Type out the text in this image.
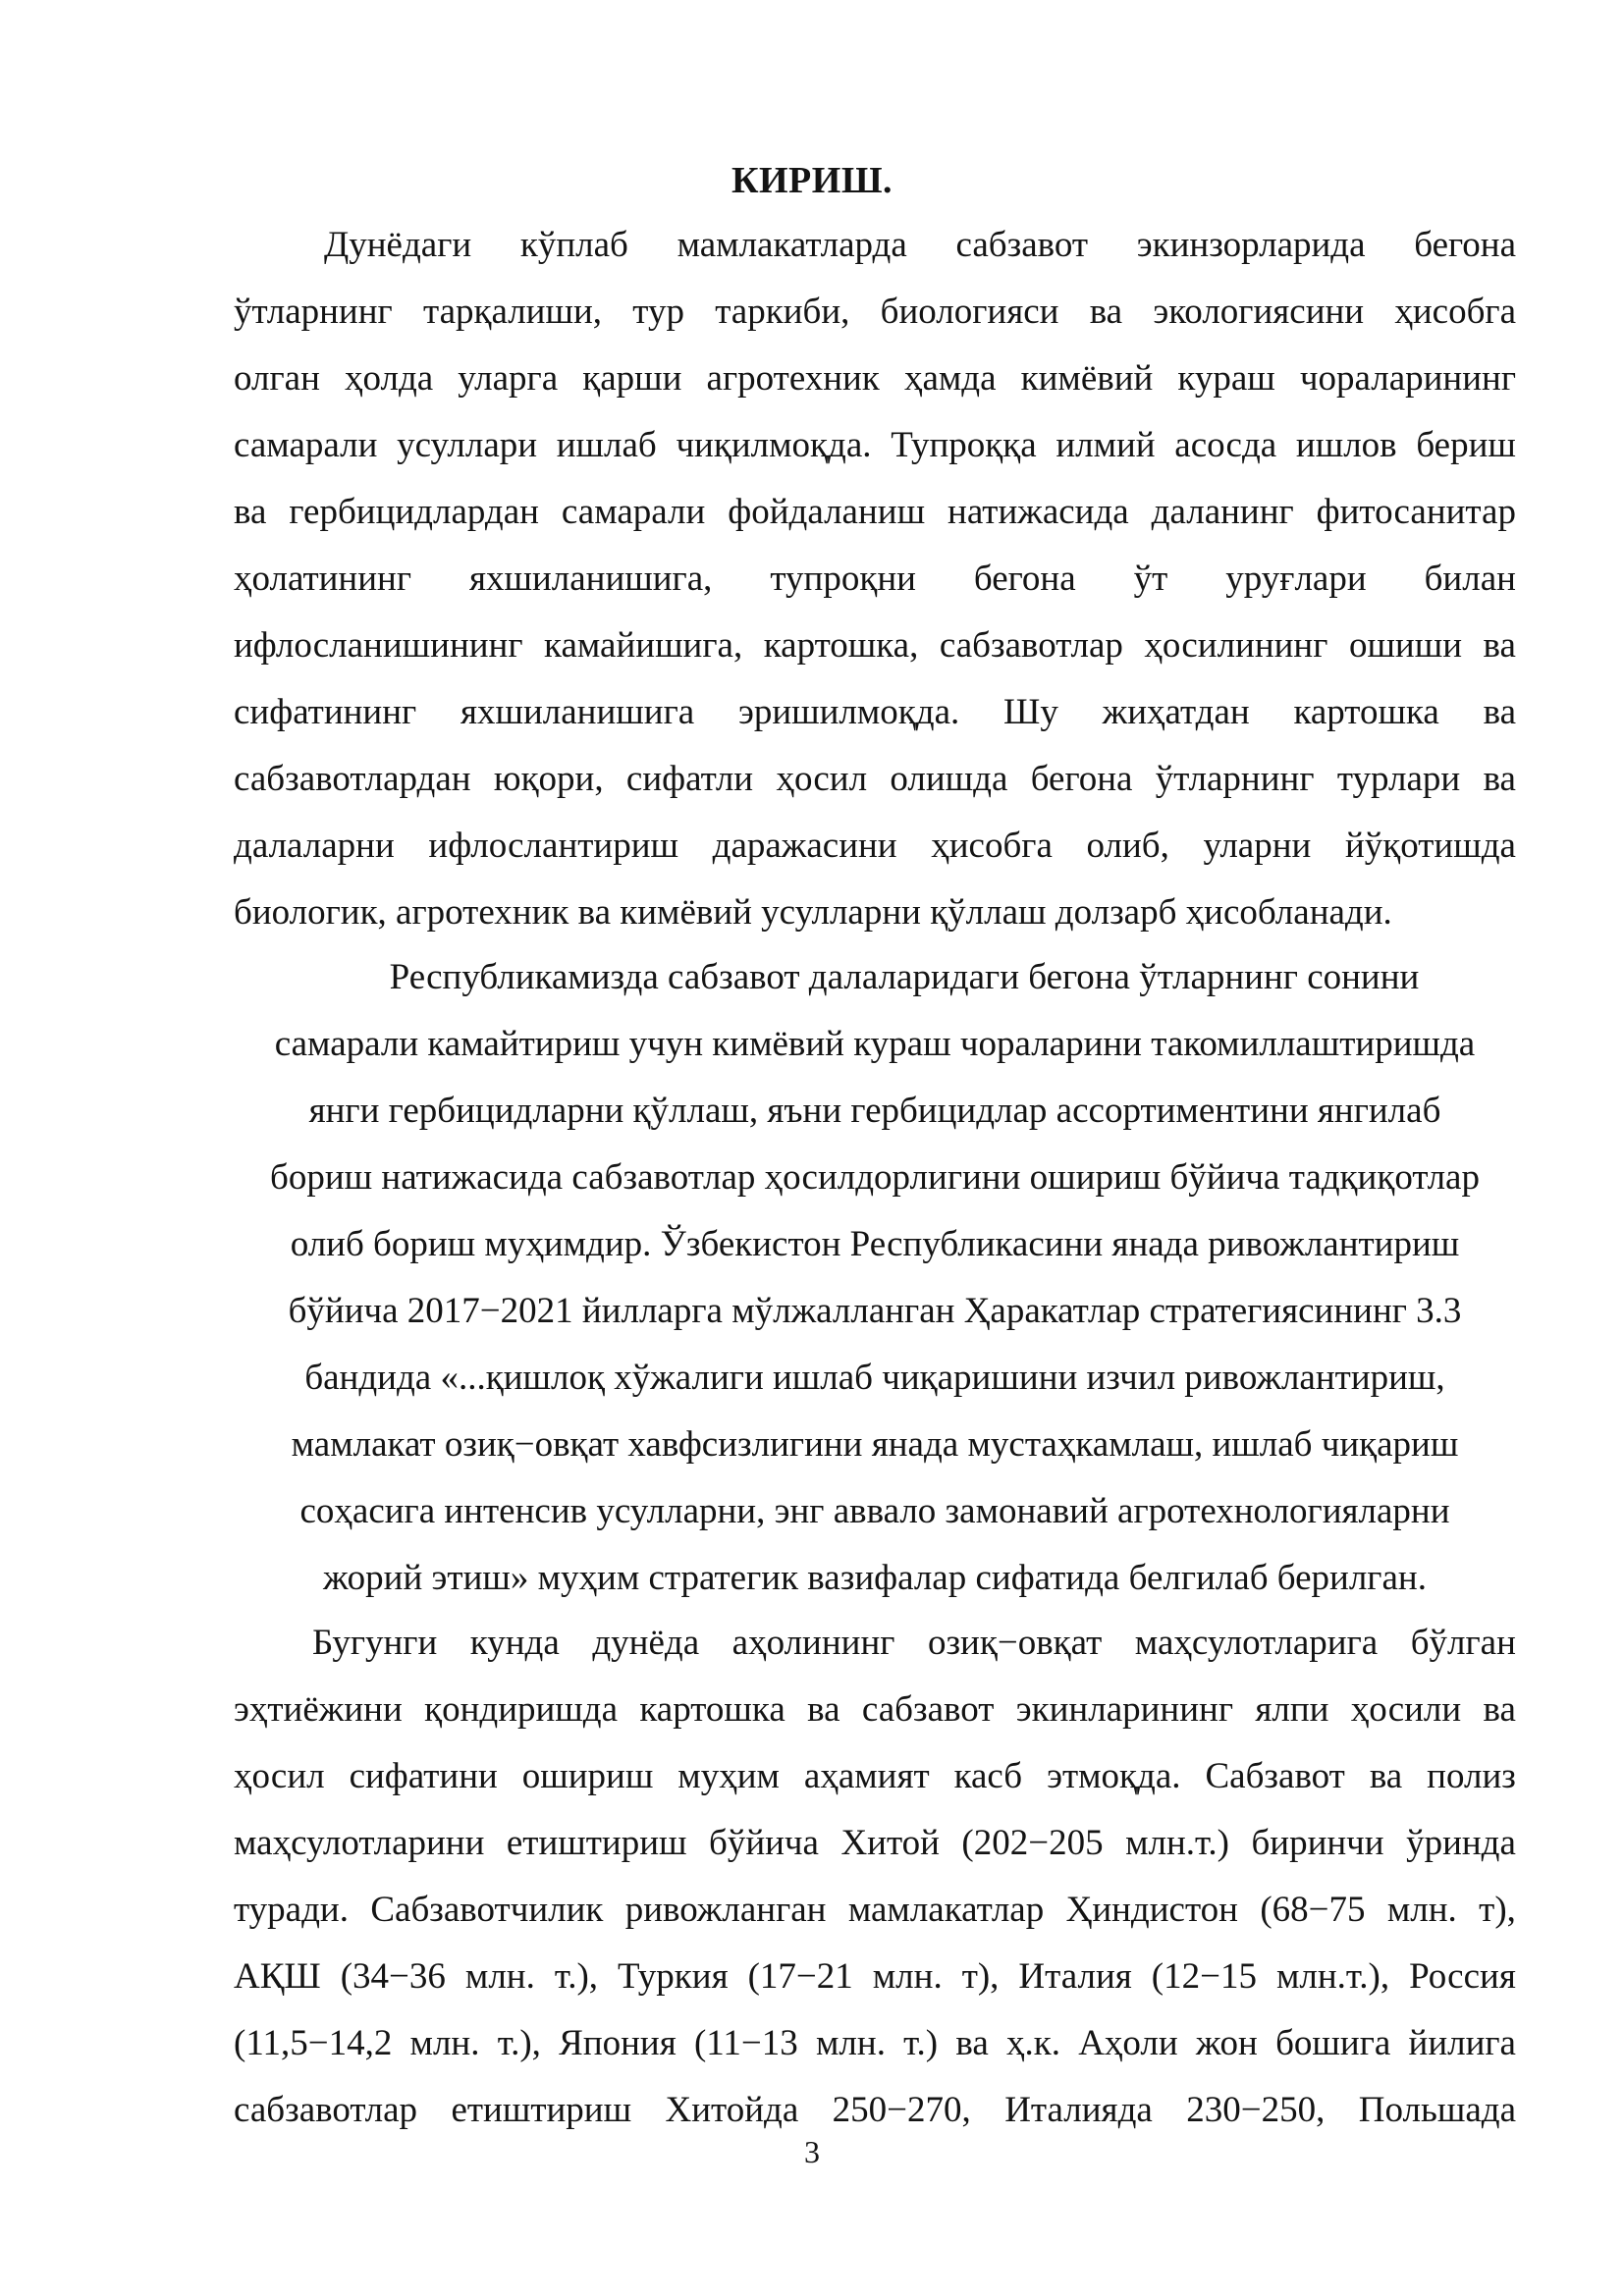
КИРИШ.
Дунёдаги кўплаб мамлакатларда сабзавот экинзорларида бегона
ўтларнинг тарқалиши, тур таркиби, биологияси ва экологиясини ҳисобга
олган ҳолда уларга қарши агротехник ҳамда кимёвий кураш чораларининг
самарали усуллари ишлаб чиқилмоқда. Тупроққа илмий асосда ишлов бериш
ва гербицидлардан самарали фойдаланиш натижасида даланинг фитосанитар
ҳолатининг яхшиланишига, тупроқни бегона ўт уруғлари билан
ифлосланишининг камайишига, картошка, сабзавотлар ҳосилининг ошиши ва
сифатининг яхшиланишига эришилмоқда. Шу жиҳатдан картошка ва
сабзавотлардан юқори, сифатли ҳосил олишда бегона ўтларнинг турлари ва
далаларни ифлослантириш даражасини ҳисобга олиб, уларни йўқотишда
биологик, агротехник ва кимёвий усулларни қўллаш долзарб ҳисобланади.
Республикамизда сабзавот далаларидаги бегона ўтларнинг сонини
самарали камайтириш учун кимёвий кураш чораларини такомиллаштиришда
янги гербицидларни қўллаш, яъни гербицидлар ассортиментини янгилаб
бориш натижасида сабзавотлар ҳосилдорлигини ошириш бўйича тадқиқотлар
олиб бориш муҳимдир. Ўзбекистон Республикасини янада ривожлантириш
бўйича 2017−2021 йилларга мўлжалланган Ҳаракатлар стратегиясининг 3.3
бандида «...қишлоқ хўжалиги ишлаб чиқаришини изчил ривожлантириш,
мамлакат озиқ−овқат хавфсизлигини янада мустаҳкамлаш, ишлаб чиқариш
соҳасига интенсив усулларни, энг аввало замонавий агротехнологияларни
жорий этиш» муҳим стратегик вазифалар сифатида белгилаб берилган.
Бугунги кунда дунёда аҳолининг озиқ−овқат маҳсулотларига бўлган
эҳтиёжини қондиришда картошка ва сабзавот экинларининг ялпи ҳосили ва
ҳосил сифатини ошириш муҳим аҳамият касб этмоқда. Сабзавот ва полиз
маҳсулотларини етиштириш бўйича Хитой (202−205 млн.т.) биринчи ўринда
туради. Сабзавотчилик ривожланган мамлакатлар Ҳиндистон (68−75 млн. т),
АҚШ (34−36 млн. т.), Туркия (17−21 млн. т), Италия (12−15 млн.т.), Россия
(11,5−14,2 млн. т.), Япония (11−13 млн. т.) ва ҳ.к. Аҳоли жон бошига йилига
сабзавотлар етиштириш Хитойда 250−270, Италияда 230−250, Польшада
3
